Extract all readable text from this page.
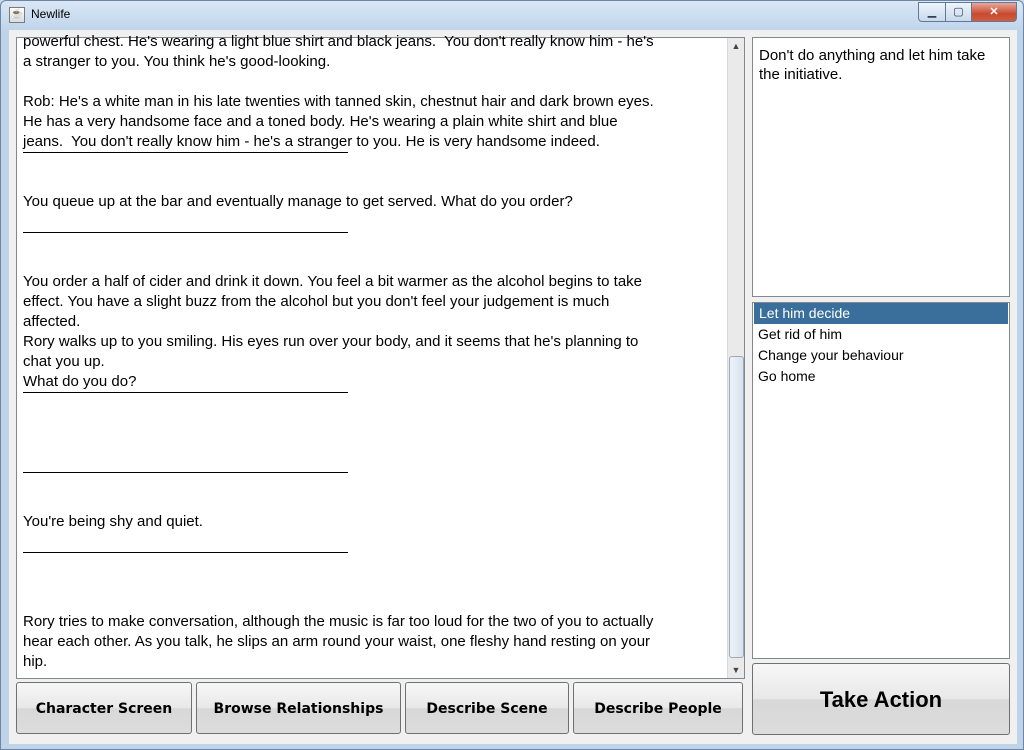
☕ Newlife	▁	▢	✕

powerful chest. He's wearing a light blue shirt and black jeans.  You don't really know him - he's
a stranger to you. You think he's good-looking.

Rob: He's a white man in his late twenties with tanned skin, chestnut hair and dark brown eyes.
He has a very handsome face and a toned body. He's wearing a plain white shirt and blue
jeans.  You don't really know him - he's a stranger to you. He is very handsome indeed.

You queue up at the bar and eventually manage to get served. What do you order?

You order a half of cider and drink it down. You feel a bit warmer as the alcohol begins to take
effect. You have a slight buzz from the alcohol but you don't feel your judgement is much
affected.
Rory walks up to you smiling. His eyes run over your body, and it seems that he's planning to
chat you up.
What do you do?

You're being shy and quiet.

Rory tries to make conversation, although the music is far too loud for the two of you to actually
hear each other. As you talk, he slips an arm round your waist, one fleshy hand resting on your
hip.

▲
▼
Don't do anything and let him take the initiative.
Let him decide
Get rid of him
Change your behaviour
Go home
Character Screen	Browse Relationships	Describe Scene	Describe People	Take Action
